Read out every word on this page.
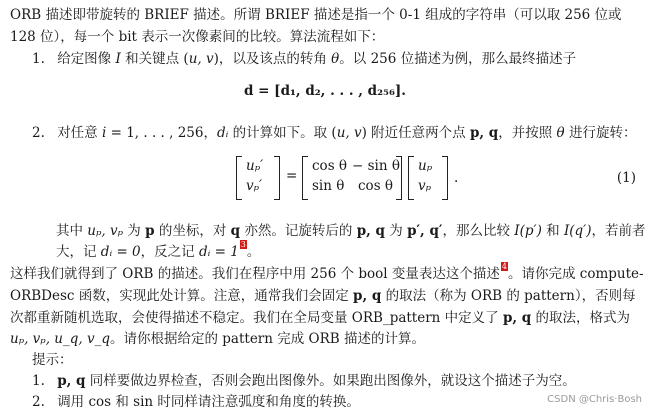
ORB 描述即带旋转的 BRIEF 描述。所谓 BRIEF 描述是指一个 0-1 组成的字符串（可以取 256 位或
128 位），每一个 bit 表示一次像素间的比较。算法流程如下：
1. 给定图像 I 和关键点 (u, v)，以及该点的转角 θ。以 256 位描述为例，那么最终描述子
d = [d₁, d₂, . . . , d₂₅₆].
2. 对任意 i = 1, . . . , 256，dᵢ 的计算如下。取 (u, v) 附近任意两个点 p, q，并按照 θ 进行旋转：
uₚ′
vₚ′
=
cos θ − sin θ
sin θ cos θ
uₚ
vₚ .	(1)
其中 uₚ, vₚ 为 p 的坐标，对 q 亦然。记旋转后的 p, q 为 p′, q′，那么比较 I(p′) 和 I(q′)，若前者
大，记 dᵢ = 0，反之记 dᵢ = 1 3。
这样我们就得到了 ORB 的描述。我们在程序中用 256 个 bool 变量表达这个描述 4。请你完成 compute-
ORBDesc 函数，实现此处计算。注意，通常我们会固定 p, q 的取法（称为 ORB 的 pattern），否则每
次都重新随机选取，会使得描述不稳定。我们在全局变量 ORB_pattern 中定义了 p, q 的取法，格式为
uₚ, vₚ, u_q, v_q。请你根据给定的 pattern 完成 ORB 描述的计算。
提示：
1. p, q 同样要做边界检查，否则会跑出图像外。如果跑出图像外，就设这个描述子为空。
2. 调用 cos 和 sin 时同样请注意弧度和角度的转换。	CSDN @Chris·Bosh
